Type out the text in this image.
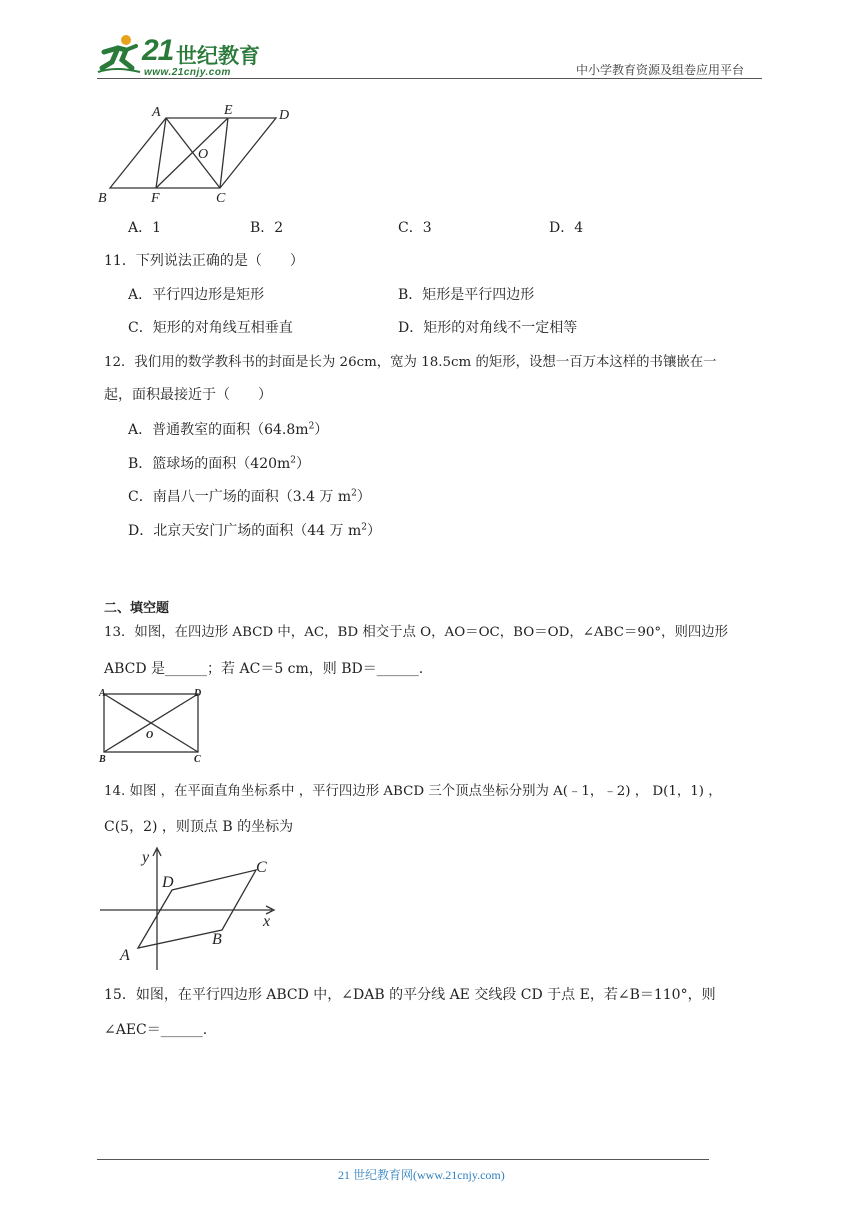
21 世纪教育
www.21cnjy.com	中小学教育资源及组卷应用平台
A	E	D
O
B	F	C
A．1	B．2	C．3	D．4
11．下列说法正确的是（　　）
A．平行四边形是矩形	B．矩形是平行四边形
C．矩形的对角线互相垂直	D．矩形的对角线不一定相等
12．我们用的数学教科书的封面是长为 26cm，宽为 18.5cm 的矩形，设想一百万本这样的书镶嵌在一
起，面积最接近于（　　）
A．普通教室的面积$(64.8m^2)$
B．篮球场的面积$(420m^2)$
C．南昌八一广场的面积（3.4 万 $m^2$）
D．北京天安门广场的面积（44 万 $m^2$）
二、填空题
13．如图，在四边形 ABCD 中，AC，BD 相交于点 O，AO＝OC，BO＝OD，∠ABC＝90°，则四边形
ABCD 是______；若 AC＝5 cm，则 BD＝______.
A	D
O
B	C
14. 如图 ，在平面直角坐标系中 ，平行四边形 ABCD 三个顶点坐标分别为 A(﹣1，﹣2) ， D(1，1) ，
C(5，2) ，则顶点 B 的坐标为
y
x
D
C
B
A
15．如图，在平行四边形 ABCD 中，∠DAB 的平分线 AE 交线段 CD 于点 E，若∠B＝110°，则
∠AEC＝______.
21 世纪教育网(www.21cnjy.com)
